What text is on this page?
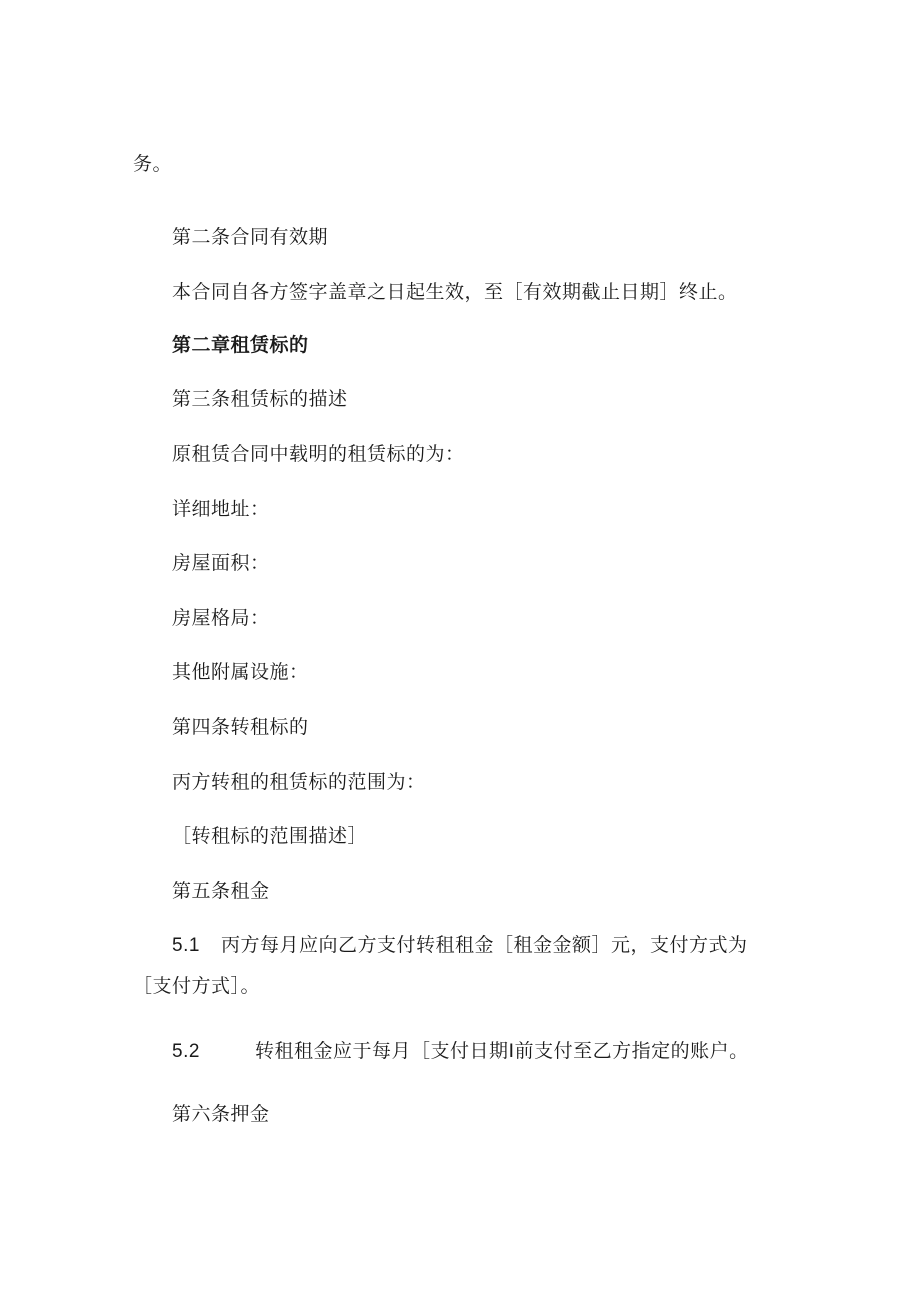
务。
第二条合同有效期
本合同自各方签字盖章之日起生效，至［有效期截止日期］终止。
第二章租赁标的
第三条租赁标的描述
原租赁合同中载明的租赁标的为：
详细地址：
房屋面积：
房屋格局：
其他附属设施：
第四条转租标的
丙方转租的租赁标的范围为：
［转租标的范围描述］
第五条租金
5.1 丙方每月应向乙方支付转租租金［租金金额］元，支付方式为
［支付方式］。
5.2	转租租金应于每月［支付日期I前支付至乙方指定的账户。
第六条押金
